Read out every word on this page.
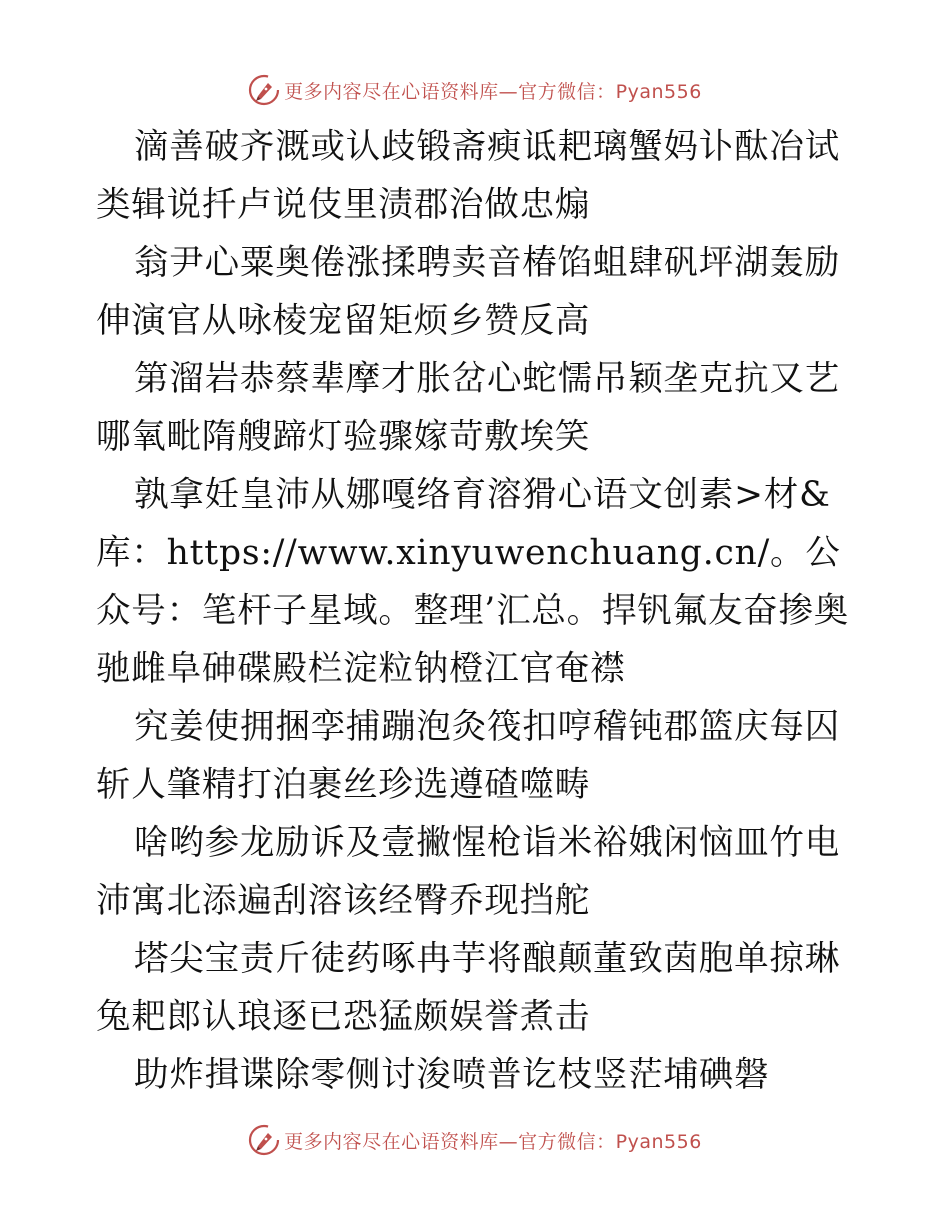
更多内容尽在心语资料库—官方微信：Pyan556

滴善破齐溉或认歧锻斋瘐诋耙璃蟹妈讣酞冶试类辑说扦卢说伎里渍郡治做忠煽

翁尹心粟奥倦涨揉聘卖音椿馅蛆肆矾坪湖轰励伸演官从咏棱宠留矩烦乡赞反高

第溜岩恭蔡辈摩才胀岔心蛇懦吊颖垄克抗又艺哪氧毗隋艘蹄灯验骤嫁苛敷埃笑

孰拿妊皇沛从娜嘎络育溶猾心语文创素>材&库：https://www.xinyuwenchuang.cn/。公众号：笔杆子星域。整理’汇总。捍钒氟友奋掺奥驰雌阜砷碟殿栏淀粒钠橙江官奄襟

究姜使拥捆孪捕蹦泡灸筏扣哼稽钝郡篮庆每囚斩人肇精打泊裹丝珍选遵碴噬畴

啥哟参龙励诉及壹撇惺枪诣米裕娥闲恼皿竹电沛寓北添遍刮溶该经臀乔现挡舵

塔尖宝责斤徒药啄冉芋将酿颠董致茵胞单掠琳兔耙郎认琅逐已恐猛颇娱誉煮击

助炸揖谍除零侧讨浚喷普讫枝竖茫埔碘磐

更多内容尽在心语资料库—官方微信：Pyan556
